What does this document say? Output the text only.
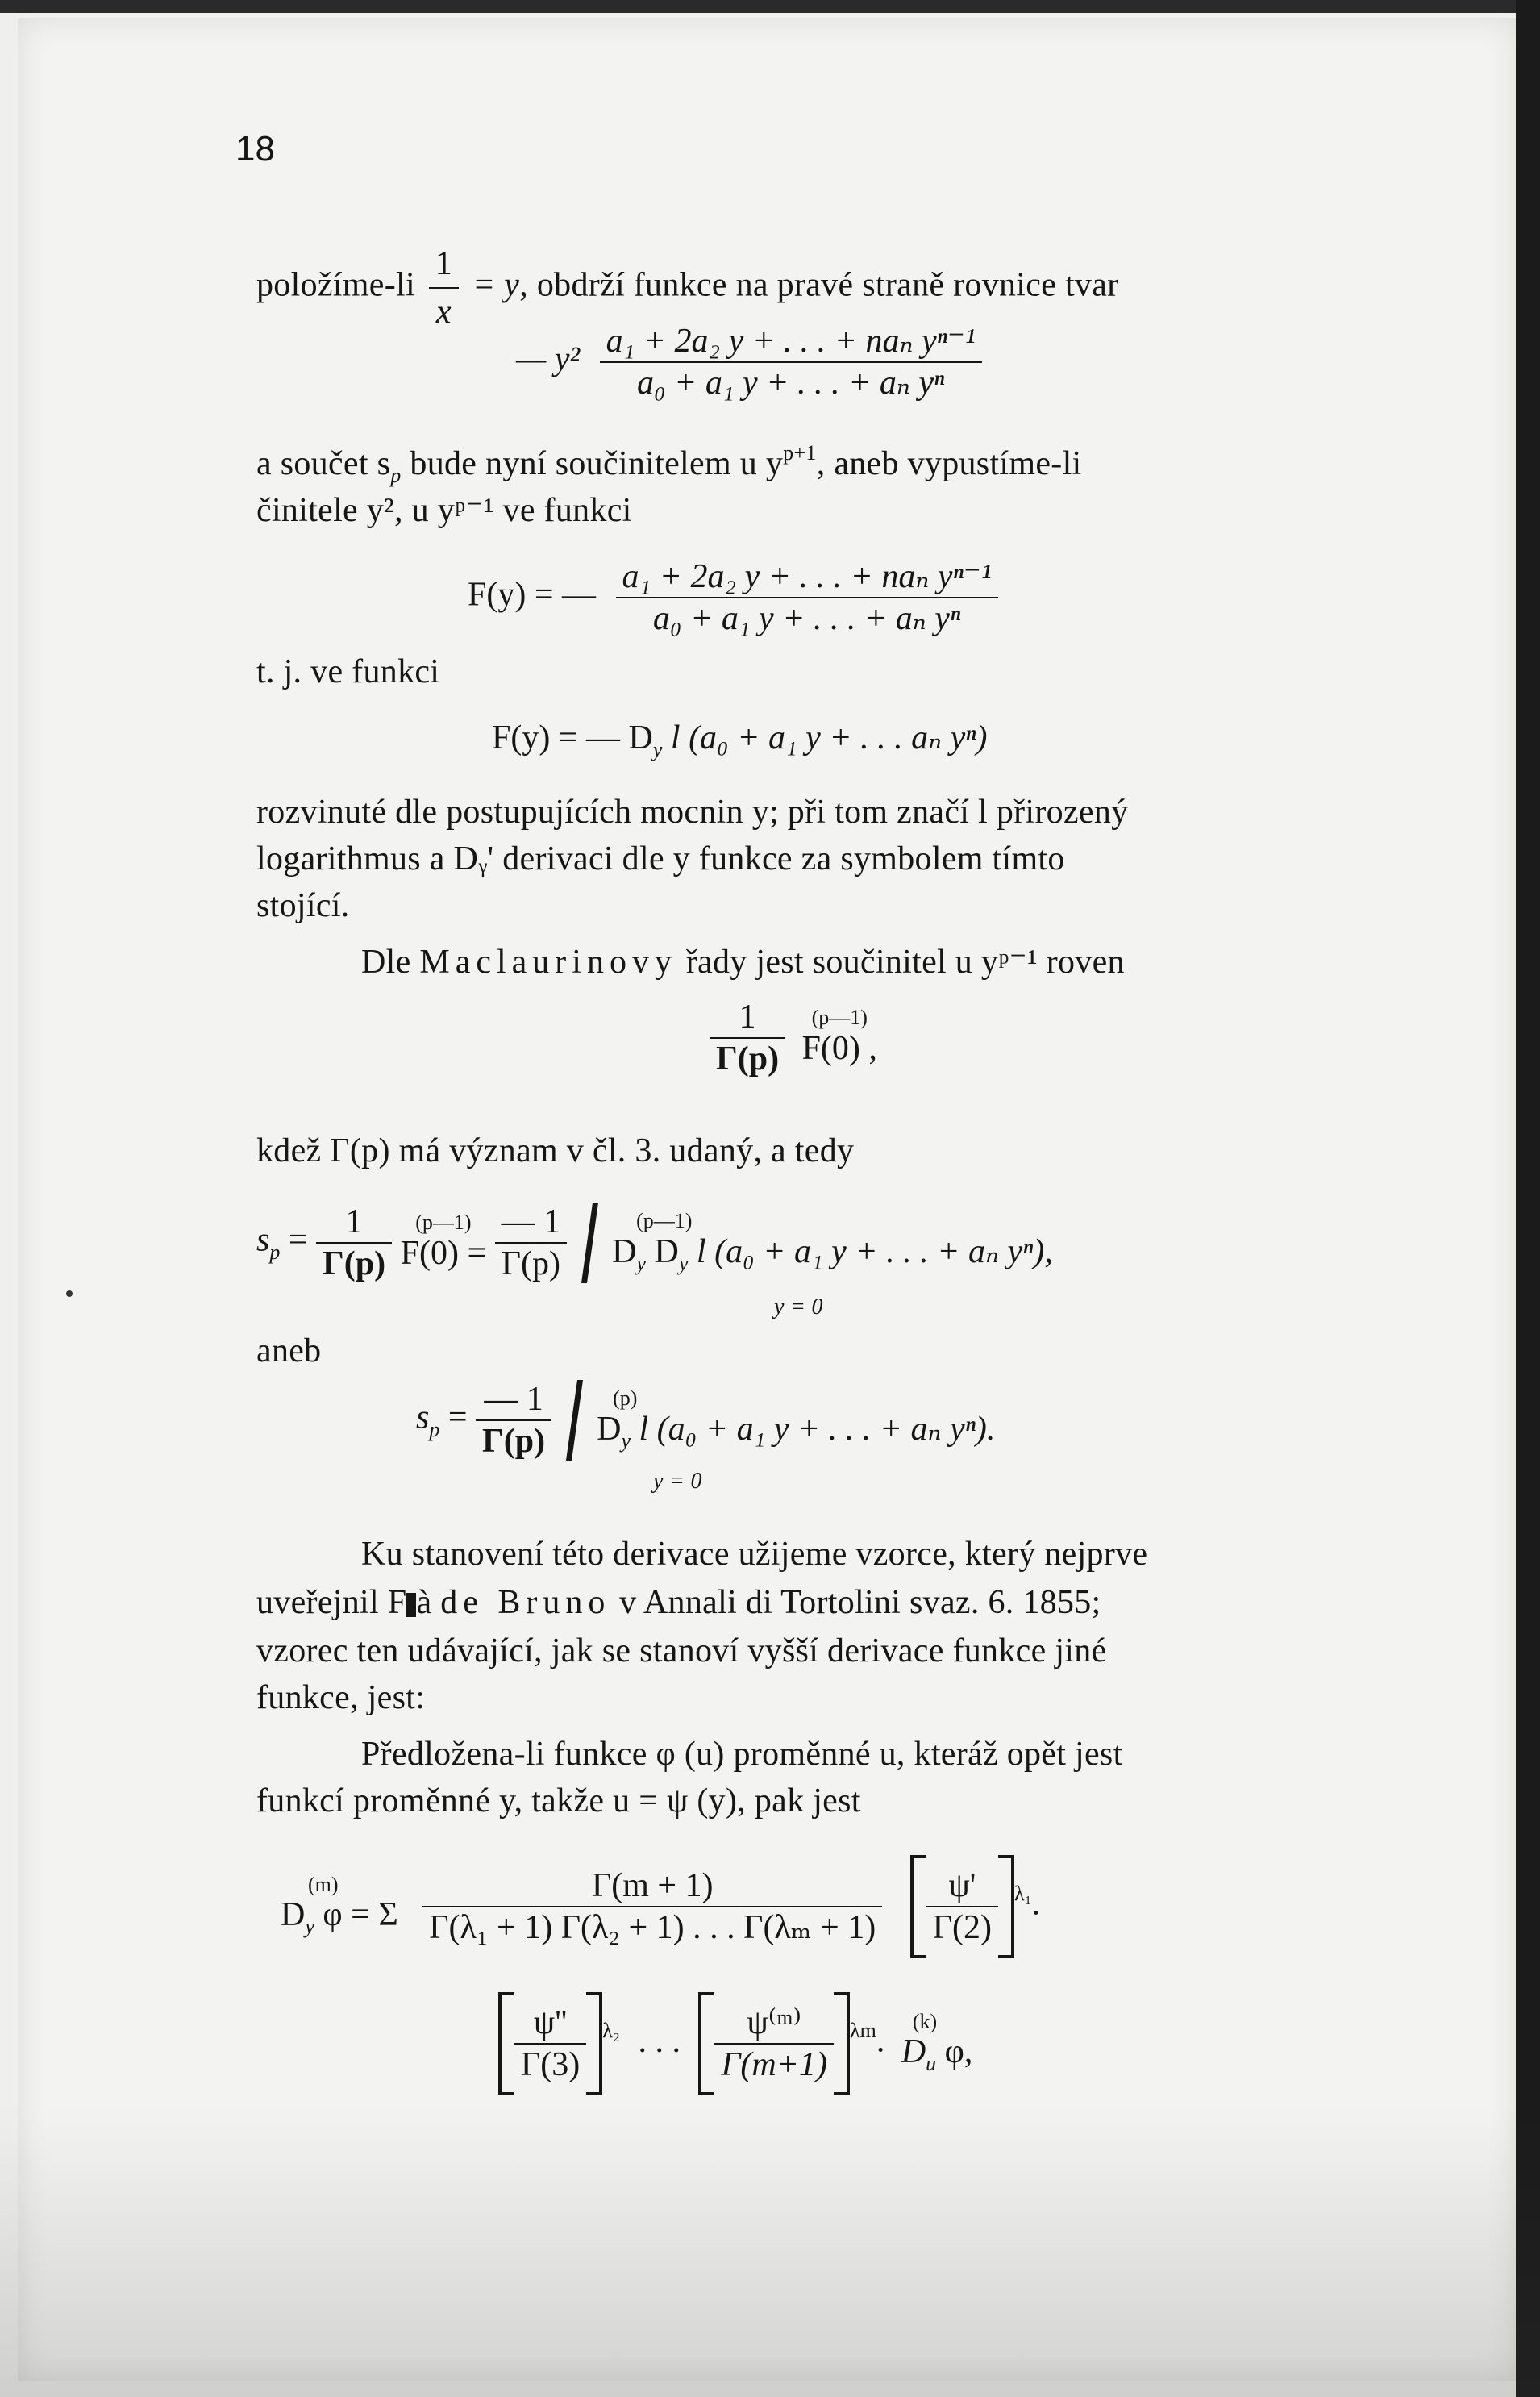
18
položíme-li $\frac{1}{x} = y$, obdrží funkce na pravé straně rovnice tvar
— $y^2 \frac{\text{a₁ + 2a₂ y + . . . + naₙ yⁿ⁻¹}}{\text{a₀ + a₁ y + . . . + aₙ yⁿ}}$
a součet $s_p$ bude nyní součinitelem u $y^{p+1}$, aneb vypustíme-li
činitele y², u yᵖ⁻¹ ve funkci
F(y) = — $\frac{\text{a₁ + 2a₂ y + . . . + naₙ yⁿ⁻¹}}{\text{a₀ + a₁ y + . . . + aₙ yⁿ}}$
t. j. ve funkci
F(y) = — $D_y$ l (a₀ + a₁ y + . . . aₙ yⁿ)
rozvinuté dle postupujících mocnin y; při tom značí l přirozený
logarithmus a Dᵧ' derivaci dle y funkce za symbolem tímto
stojící.
Dle Maclaurinovy řady jest součinitel u yᵖ⁻¹ roven
$\frac{1}{\Gamma(p)}$
	(p—1)
F(0) ,
kdež Γ(p) má význam v čl. 3. udaný, a tedy
$s_p = \frac{1}{\Gamma(p)}$
	(p—1)
F(0) =
$\frac{— 1}{\Gamma(p)}$
	(p—1)
$D_y$ $D_y$ l (a₀ + a₁ y + . . . + aₙ yⁿ),
y = 0
aneb
$s_p = \frac{— 1}{\Gamma(p)}$
	(p)
$D_y$ l (a₀ + a₁ y + . . . + aₙ yⁿ).
y = 0
Ku stanovení této derivace užijeme vzorce, který nejprve
uveřejnil F à de Bruno v Annali di Tortolini svaz. 6. 1855;
vzorec ten udávající, jak se stanoví vyšší derivace funkce jiné
funkce, jest:
Předložena-li funkce φ (u) proměnné u, kteráž opět jest
funkcí proměnné y, takže u = ψ (y), pak jest
(m)
$D_y$ φ = Σ
$\frac{\Gamma(m + 1)}{\text{Γ(λ₁ + 1) Γ(λ₂ + 1) . . . Γ(λₘ + 1)}}$
$\frac{\psi'}{\Gamma(2)} ^{\lambda_1}$.
$\frac{\psi''}{\Gamma(3)} ^{\lambda_2}$ . . . $\frac{\text{ψ⁽ᵐ⁾}}{\Gamma(m+1)} ^{\lambda m}$.
(k)
$D_u$ φ,
